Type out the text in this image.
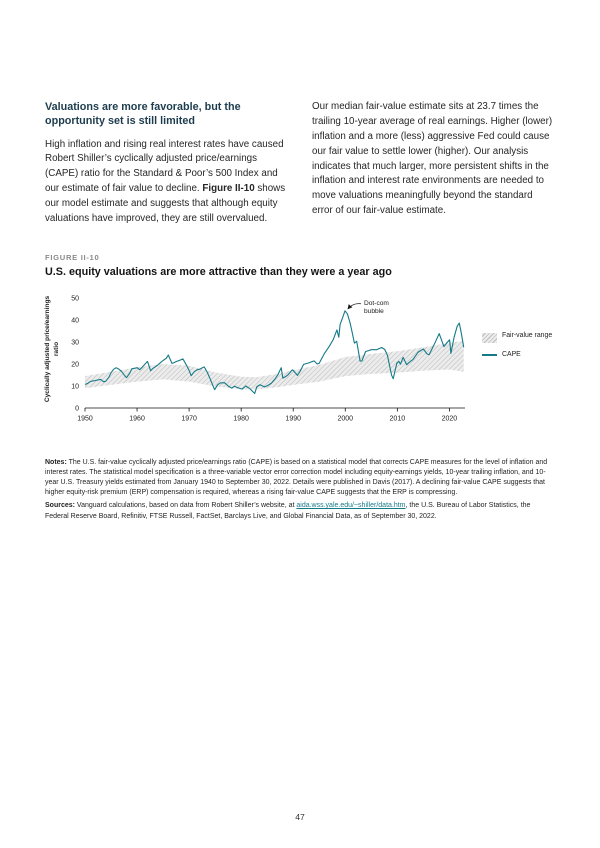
Valuations are more favorable, but the opportunity set is still limited

High inflation and rising real interest rates have caused Robert Shiller’s cyclically adjusted price/earnings (CAPE) ratio for the Standard & Poor’s 500 Index and our estimate of fair value to decline. Figure II-10 shows our model estimate and suggests that although equity valuations have improved, they are still overvalued.

Our median fair-value estimate sits at 23.7 times the trailing 10-year average of real earnings. Higher (lower) inflation and a more (less) aggressive Fed could cause our fair value to settle lower (higher). Our analysis indicates that much larger, more persistent shifts in the inflation and interest rate environments are needed to move valuations meaningfully beyond the standard error of our fair-value estimate.

FIGURE II-10
U.S. equity valuations are more attractive than they were a year ago
Cyclically adjusted price/earnings ratio
1950	1960	1970	1980	1990	2000	2010	2020
0
10
20
30
40
50
Dot-com bubble
Fair-value range
CAPE

Notes: The U.S. fair-value cyclically adjusted price/earnings ratio (CAPE) is based on a statistical model that corrects CAPE measures for the level of inflation and interest rates. The statistical model specification is a three-variable vector error correction model including equity-earnings yields, 10-year trailing inflation, and 10-year U.S. Treasury yields estimated from January 1940 to September 30, 2022. Details were published in Davis (2017). A declining fair-value CAPE suggests that higher equity-risk premium (ERP) compensation is required, whereas a rising fair-value CAPE suggests that the ERP is compressing.

Sources: Vanguard calculations, based on data from Robert Shiller’s website, at aida.wss.yale.edu/~shiller/data.htm, the U.S. Bureau of Labor Statistics, the Federal Reserve Board, Refinitiv, FTSE Russell, FactSet, Barclays Live, and Global Financial Data, as of September 30, 2022.

47
